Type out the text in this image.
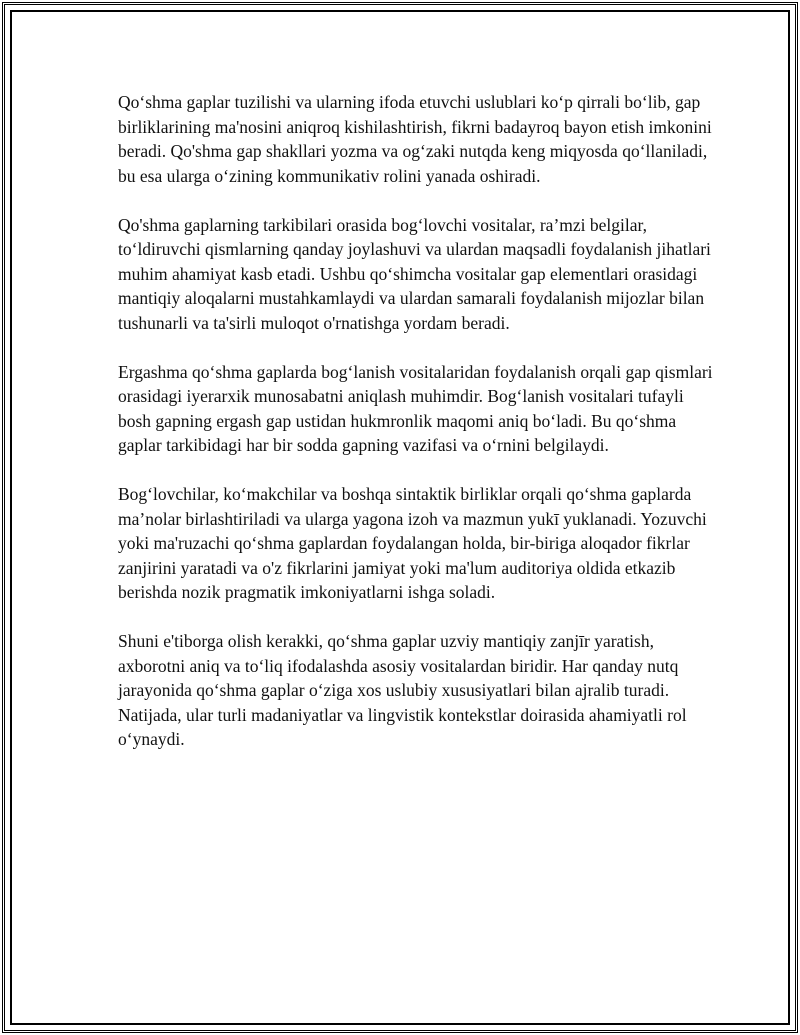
Qo‘shma gaplar tuzilishi va ularning ifoda etuvchi uslublari ko‘p qirrali bo‘lib, gap birliklarining ma'nosini aniqroq kishilashtirish, fikrni badayroq bayon etish imkonini beradi. Qo'shma gap shakllari yozma va og‘zaki nutqda keng miqyosda qo‘llaniladi, bu esa ularga o‘zining kommunikativ rolini yanada oshiradi.

Qo'shma gaplarning tarkibilari orasida bog‘lovchi vositalar, ra’mzi belgilar, to‘ldiruvchi qismlarning qanday joylashuvi va ulardan maqsadli foydalanish jihatlari muhim ahamiyat kasb etadi. Ushbu qo‘shimcha vositalar gap elementlari orasidagi mantiqiy aloqalarni mustahkamlaydi va ulardan samarali foydalanish mijozlar bilan tushunarli va ta'sirli muloqot o'rnatishga yordam beradi.

Ergashma qo‘shma gaplarda bog‘lanish vositalaridan foydalanish orqali gap qismlari orasidagi iyerarxik munosabatni aniqlash muhimdir. Bog‘lanish vositalari tufayli bosh gapning ergash gap ustidan hukmronlik maqomi aniq bo‘ladi. Bu qo‘shma gaplar tarkibidagi har bir sodda gapning vazifasi va o‘rnini belgilaydi.

Bog‘lovchilar, ko‘makchilar va boshqa sintaktik birliklar orqali qo‘shma gaplarda ma’nolar birlashtiriladi va ularga yagona izoh va mazmun yukī yuklanadi. Yozuvchi yoki ma'ruzachi qo‘shma gaplardan foydalangan holda, bir-biriga aloqador fikrlar zanjirini yaratadi va o'z fikrlarini jamiyat yoki ma'lum auditoriya oldida etkazib berishda nozik pragmatik imkoniyatlarni ishga soladi.

Shuni e'tiborga olish kerakki, qo‘shma gaplar uzviy mantiqiy zanjīr yaratish, axborotni aniq va to‘liq ifodalashda asosiy vositalardan biridir. Har qanday nutq jarayonida qo‘shma gaplar o‘ziga xos uslubiy xususiyatlari bilan ajralib turadi. Natijada, ular turli madaniyatlar va lingvistik kontekstlar doirasida ahamiyatli rol o‘ynaydi.
